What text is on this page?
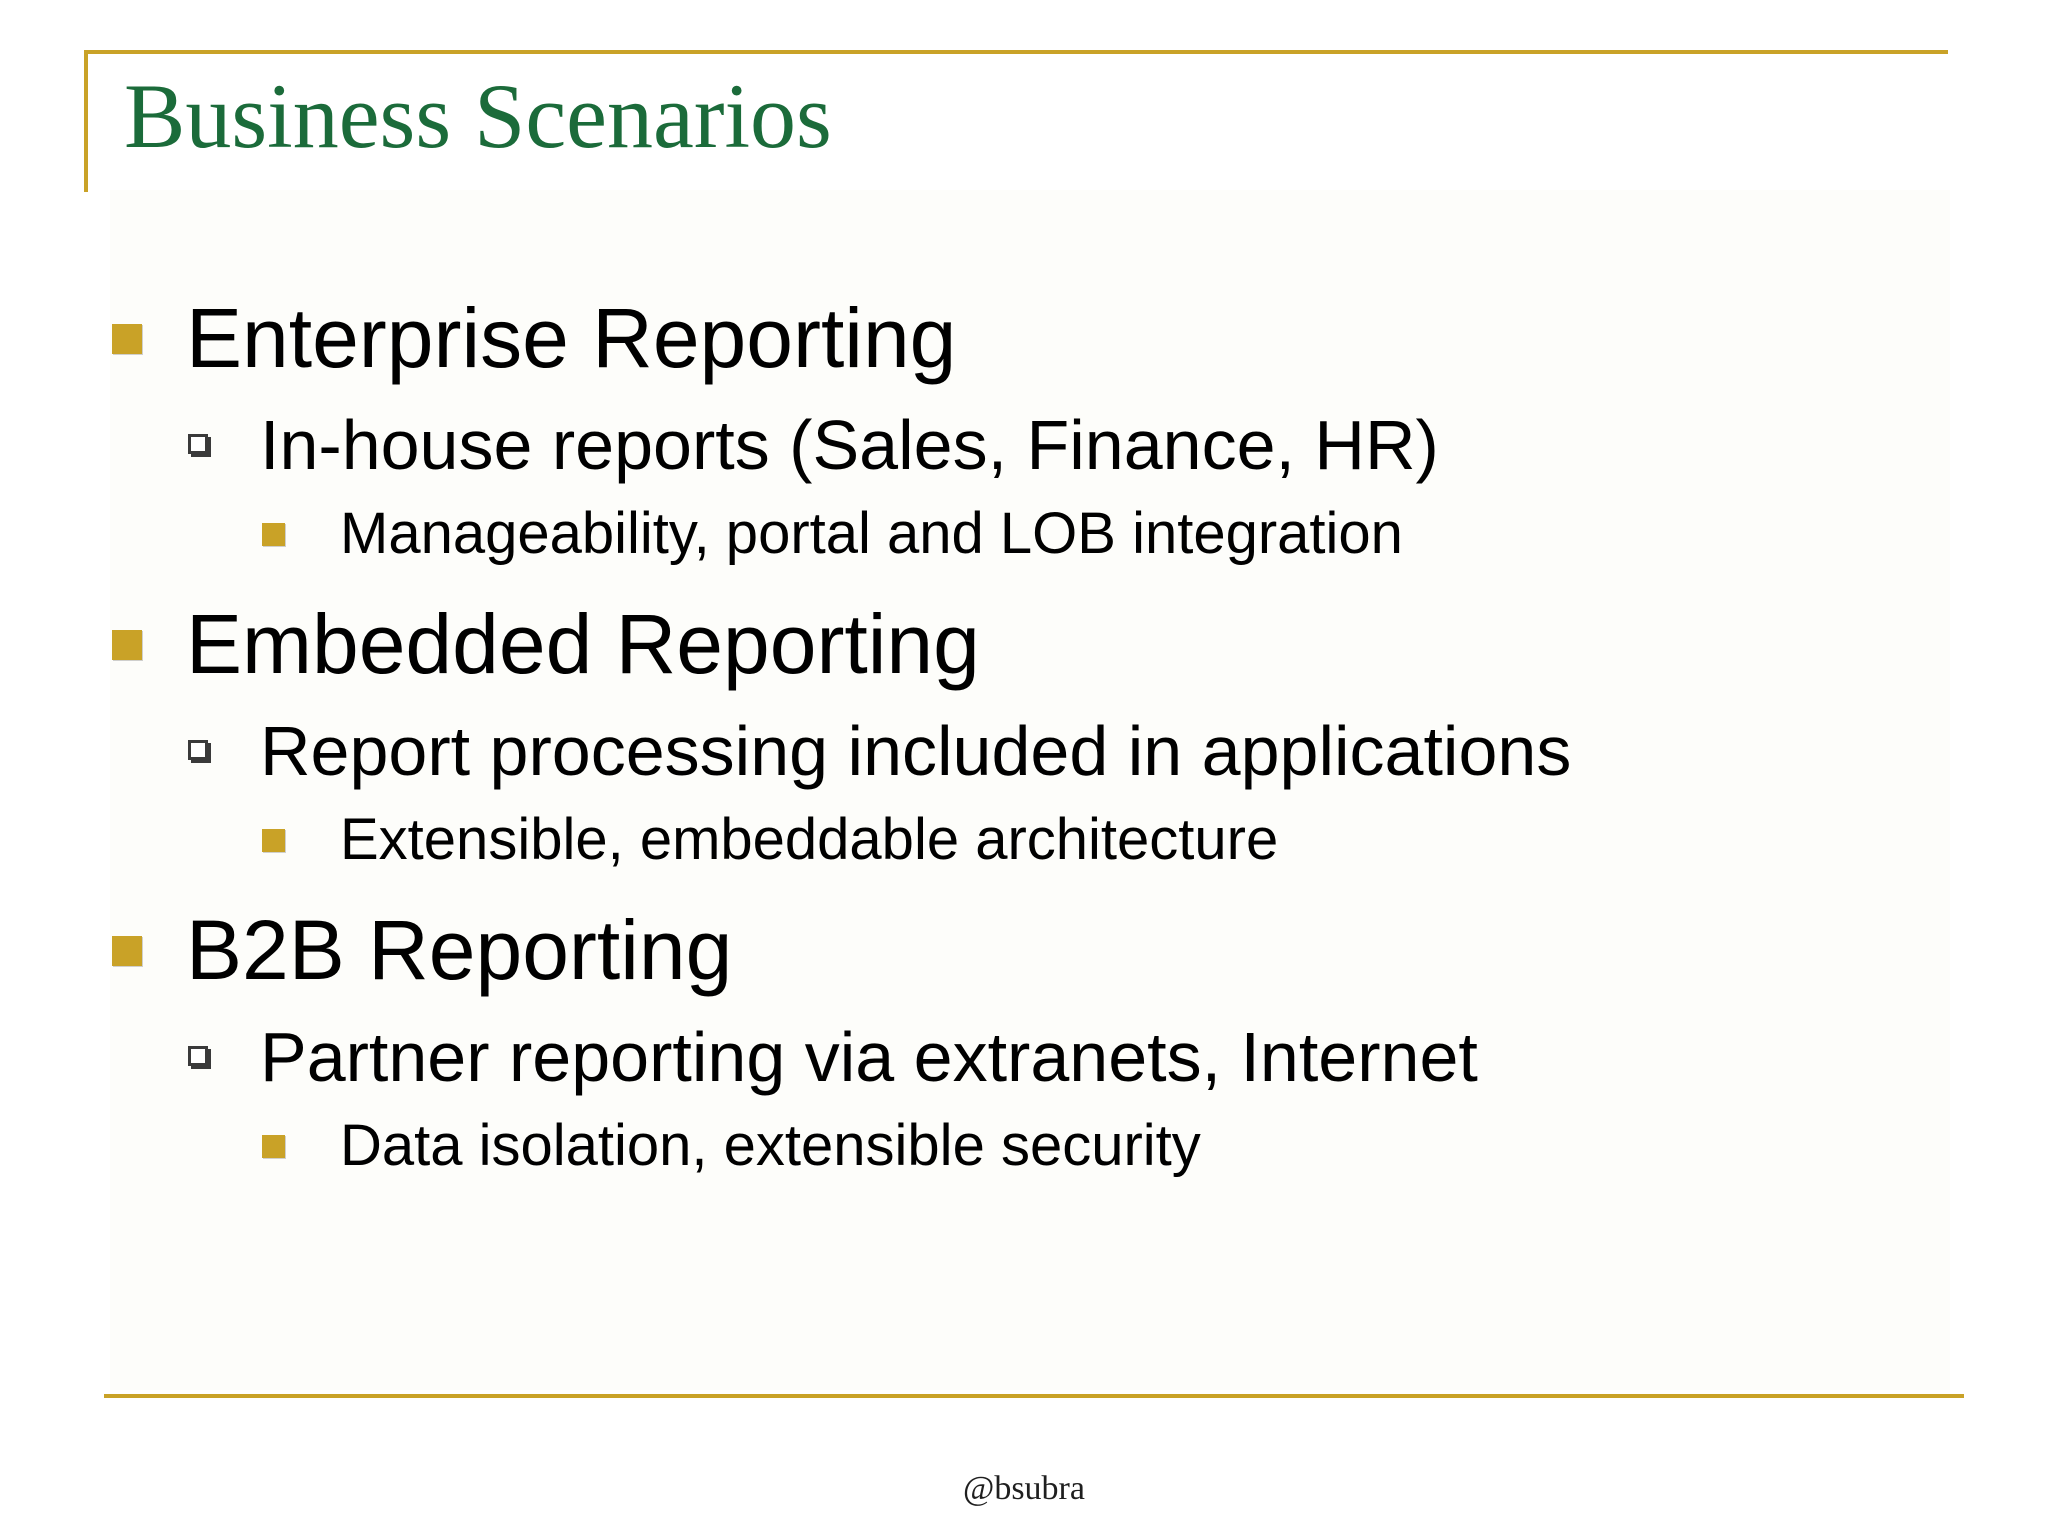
Business Scenarios
Enterprise Reporting
In-house reports (Sales, Finance, HR)
Manageability, portal and LOB integration
Embedded Reporting
Report processing included in applications
Extensible, embeddable architecture
B2B Reporting
Partner reporting via extranets, Internet
Data isolation, extensible security
@bsubra
